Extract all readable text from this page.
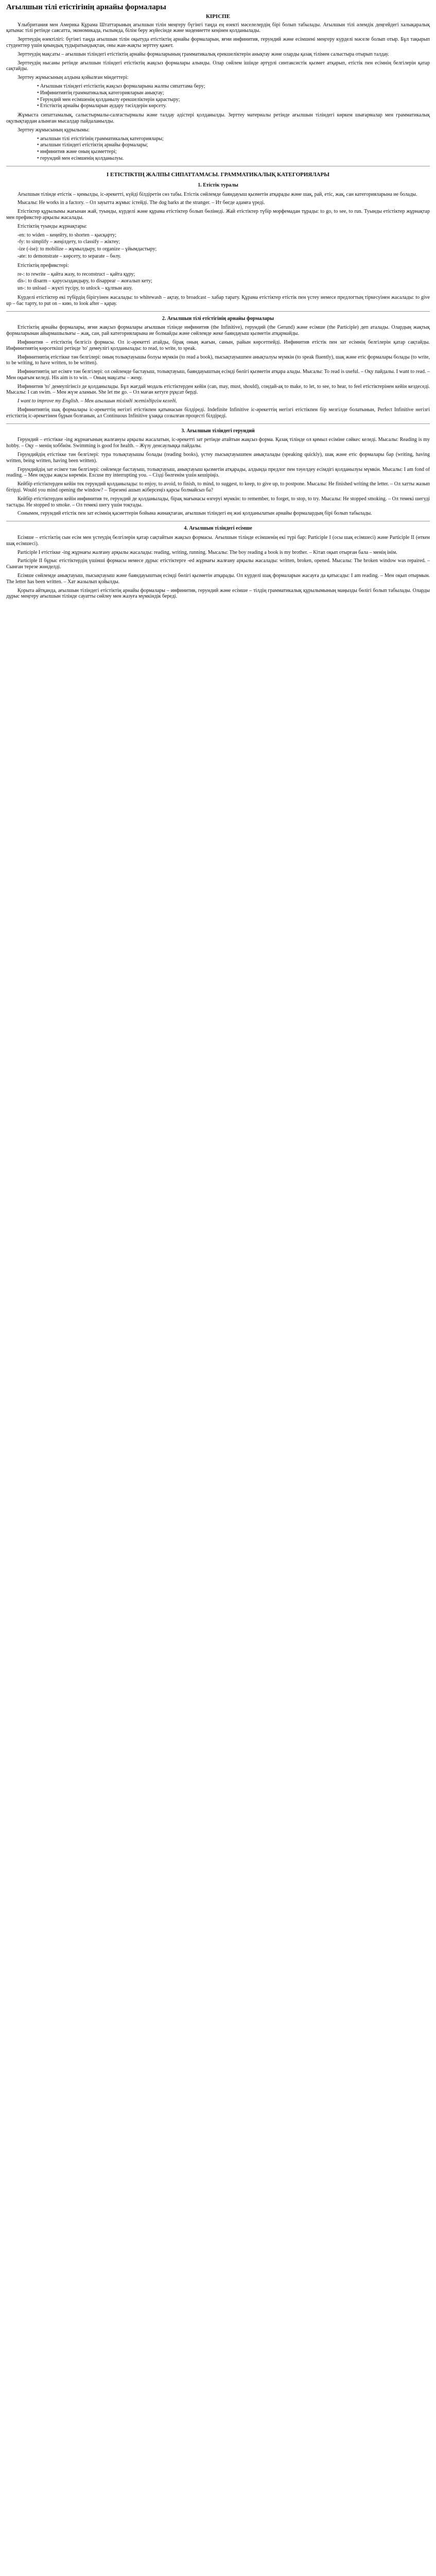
Ағылшын тілі етістігінің арнайы формалары
КІРІСПЕ

Ұлыбритания мен Америка Құрама Штаттарының ағылшын тілін меңгеру бүгінгі таңда ең өзекті мәселелердің бірі болып табылады. Ағылшын тілі әлемдік деңгейдегі халықаралық қатынас тілі ретінде саясатта, экономикада, ғылымда, білім беру жүйесінде және мәдениетте кеңінен қолданылады.

Зерттеудің өзектілігі: бүгінгі таңда ағылшын тілін оқытуда етістіктің арнайы формаларын, яғни инфинитив, герундий және есімшені меңгеру күрделі мәселе болып отыр. Бұл тақырып студенттер үшін қиындық тудыратындықтан, оны жан-жақты зерттеу қажет.

Зерттеудің мақсаты – ағылшын тіліндегі етістіктің арнайы формаларының грамматикалық ерекшеліктерін анықтау және оларды қазақ тілімен салыстыра отырып талдау.

Зерттеудің нысаны ретінде ағылшын тіліндегі етістіктің жақсыз формалары алынды. Олар сөйлем ішінде әртүрлі синтаксистік қызмет атқарып, етістік пен есімнің белгілерін қатар сақтайды.

Зерттеу жұмысының алдына қойылған міндеттері:

• Ағылшын тіліндегі етістіктің жақсыз формаларына жалпы сипаттама беру;
• Инфинитивтің грамматикалық категорияларын анықтау;
• Герундий мен есімшенің қолданылу ерекшеліктерін қарастыру;
• Етістіктің арнайы формаларын аудару тәсілдерін көрсету.

Жұмыста сипаттамалық, салыстырмалы-салғастырмалы және талдау әдістері қолданылды. Зерттеу материалы ретінде ағылшын тіліндегі көркем шығармалар мен грамматикалық оқулықтардан алынған мысалдар пайдаланылды.

Зерттеу жұмысының құрылымы:

• ағылшын тілі етістігінің грамматикалық категориялары;
• ағылшын тіліндегі етістіктің арнайы формалары;
• инфинитив және оның қызметтері;
• герундий мен есімшенің қолданылуы.
І ЕТІСТІКТІҢ ЖАЛПЫ СИПАТТАМАСЫ. ГРАММАТИКАЛЫҚ КАТЕГОРИЯЛАРЫ
1. Етістік туралы

Ағылшын тілінде етістік – қимылды, іс-әрекетті, күйді білдіретін сөз табы. Етістік сөйлемде баяндауыш қызметін атқарады және шақ, рай, етіс, жақ, сан категорияларына ие болады.

Мысалы: He works in a factory. – Ол зауытта жұмыс істейді. The dog barks at the stranger. – Ит бөгде адамға үреді.

Етістіктер құрылымы жағынан жай, туынды, күрделі және құрама етістіктер болып бөлінеді. Жай етістіктер түбір морфемадан тұрады: to go, to see, to run. Туынды етістіктер жұрнақтар мен префикстер арқылы жасалады.

Етістіктің туынды жұрнақтары:

-en: to widen – кеңейту, to shorten – қысқарту;
-fy: to simplify – жеңілдету, to classify – жіктеу;
-ize (-ise): to mobilize – жұмылдыру, to organize – ұйымдастыру;
-ate: to demonstrate – көрсету, to separate – бөлу.

Етістіктің префикстері:

re-: to rewrite – қайта жазу, to reconstruct – қайта құру;
dis-: to disarm – қарусыздандыру, to disappear – жоғалып кету;
un-: to unload – жүкті түсіру, to unlock – құлпын ашу.

Күрделі етістіктер екі түбірдің бірігуінен жасалады: to whitewash – ақтау, to broadcast – хабар тарату. Құрама етістіктер етістік пен үстеу немесе предлогтың тіркесуінен жасалады: to give up – бас тарту, to put on – кию, to look after – қарау.

2. Ағылшын тілі етістігінің арнайы формалары

Етістіктің арнайы формалары, яғни жақсыз формалары ағылшын тілінде инфинитив (the Infinitive), герундий (the Gerund) және есімше (the Participle) деп аталады. Олардың жақтық формаларынан айырмашылығы – жақ, сан, рай категорияларына ие болмайды және сөйлемде жеке баяндауыш қызметін атқармайды.

Инфинитив – етістіктің белгісіз формасы. Ол іс-әрекетті атайды, бірақ оның жағын, санын, райын көрсетпейді. Инфинитив етістік пен зат есімнің белгілерін қатар сақтайды. Инфинитивтің көрсеткіші ретінде 'to' демеулігі қолданылады: to read, to write, to speak.

Инфинитивтің етістікке тән белгілері: оның толықтауышы болуы мүмкін (to read a book), пысықтауышпен анықталуы мүмкін (to speak fluently), шақ және етіс формалары болады (to write, to be writing, to have written, to be written).

Инфинитивтің зат есімге тән белгілері: ол сөйлемде бастауыш, толықтауыш, баяндауыштың есімді бөлігі қызметін атқара алады. Мысалы: To read is useful. – Оқу пайдалы. I want to read. – Мен оқығым келеді. His aim is to win. – Оның мақсаты – жеңу.

Инфинитив 'to' демеулігінсіз де қолданылады. Бұл жағдай модаль етістіктерден кейін (can, may, must, should), сондай-ақ to make, to let, to see, to hear, to feel етістіктерінен кейін кездеседі. Мысалы: I can swim. – Мен жүзе аламын. She let me go. – Ол маған кетуге рұқсат берді.

I want to improve my English. – Мен ағылшын тілімді жетілдіргім келеді.

Инфинитивтің шақ формалары іс-әрекеттің негізгі етістікпен қатынасын білдіреді. Indefinite Infinitive іс-әрекеттің негізгі етістікпен бір мезгілде болатынын, Perfect Infinitive негізгі етістіктің іс-әрекетінен бұрын болғанын, ал Continuous Infinitive ұзаққа созылған процесті білдіреді.

3. Ағылшын тіліндегі герундий

Герундий – етістікке -ing жұрнағының жалғануы арқылы жасалатын, іс-әрекетті зат ретінде атайтын жақсыз форма. Қазақ тілінде ол қимыл есіміне сәйкес келеді. Мысалы: Reading is my hobby. – Оқу – менің хоббиім. Swimming is good for health. – Жүзу денсаулыққа пайдалы.

Герундийдің етістікке тән белгілері: тура толықтауышы болады (reading books), үстеу пысықтауышпен анықталады (speaking quickly), шақ және етіс формалары бар (writing, having written, being written, having been written).

Герундийдің зат есімге тән белгілері: сөйлемде бастауыш, толықтауыш, анықтауыш қызметін атқарады, алдында предлог пен тәуелдеу есімдігі қолданылуы мүмкін. Мысалы: I am fond of reading. – Мен оқуды жақсы көремін. Excuse my interrupting you. – Сізді бөлгенім үшін кешіріңіз.

Кейбір етістіктерден кейін тек герундий қолданылады: to enjoy, to avoid, to finish, to mind, to suggest, to keep, to give up, to postpone. Мысалы: He finished writing the letter. – Ол хатты жазып бітірді. Would you mind opening the window? – Терезені ашып жіберсеңіз қарсы болмайсыз ба?

Кейбір етістіктерден кейін инфинитив те, герундий де қолданылады, бірақ мағынасы өзгеруі мүмкін: to remember, to forget, to stop, to try. Мысалы: He stopped smoking. – Ол темекі шегуді тастады. He stopped to smoke. – Ол темекі шегу үшін тоқтады.

Сонымен, герундий етістік пен зат есімнің қасиеттерін бойына жинақтаған, ағылшын тіліндегі ең жиі қолданылатын арнайы формалардың бірі болып табылады.

4. Ағылшын тіліндегі есімше

Есімше – етістіктің сын есім мен үстеудің белгілерін қатар сақтайтын жақсыз формасы. Ағылшын тілінде есімшенің екі түрі бар: Participle I (осы шақ есімшесі) және Participle II (өткен шақ есімшесі).

Participle I етістікке -ing жұрнағы жалғану арқылы жасалады: reading, writing, running. Мысалы: The boy reading a book is my brother. – Кітап оқып отырған бала – менің інім.

Participle II бұрыс етістіктердің үшінші формасы немесе дұрыс етістіктерге -ed жұрнағы жалғану арқылы жасалады: written, broken, opened. Мысалы: The broken window was repaired. – Сынған терезе жөнделді.

Есімше сөйлемде анықтауыш, пысықтауыш және баяндауыштың есімді бөлігі қызметін атқарады. Ол күрделі шақ формаларын жасауға да қатысады: I am reading. – Мен оқып отырмын. The letter has been written. – Хат жазылып қойылды.

Қорыта айтқанда, ағылшын тіліндегі етістіктің арнайы формалары – инфинитив, герундий және есімше – тілдің грамматикалық құрылымының маңызды бөлігі болып табылады. Оларды дұрыс меңгеру ағылшын тілінде сауатты сөйлеу мен жазуға мүмкіндік береді.
